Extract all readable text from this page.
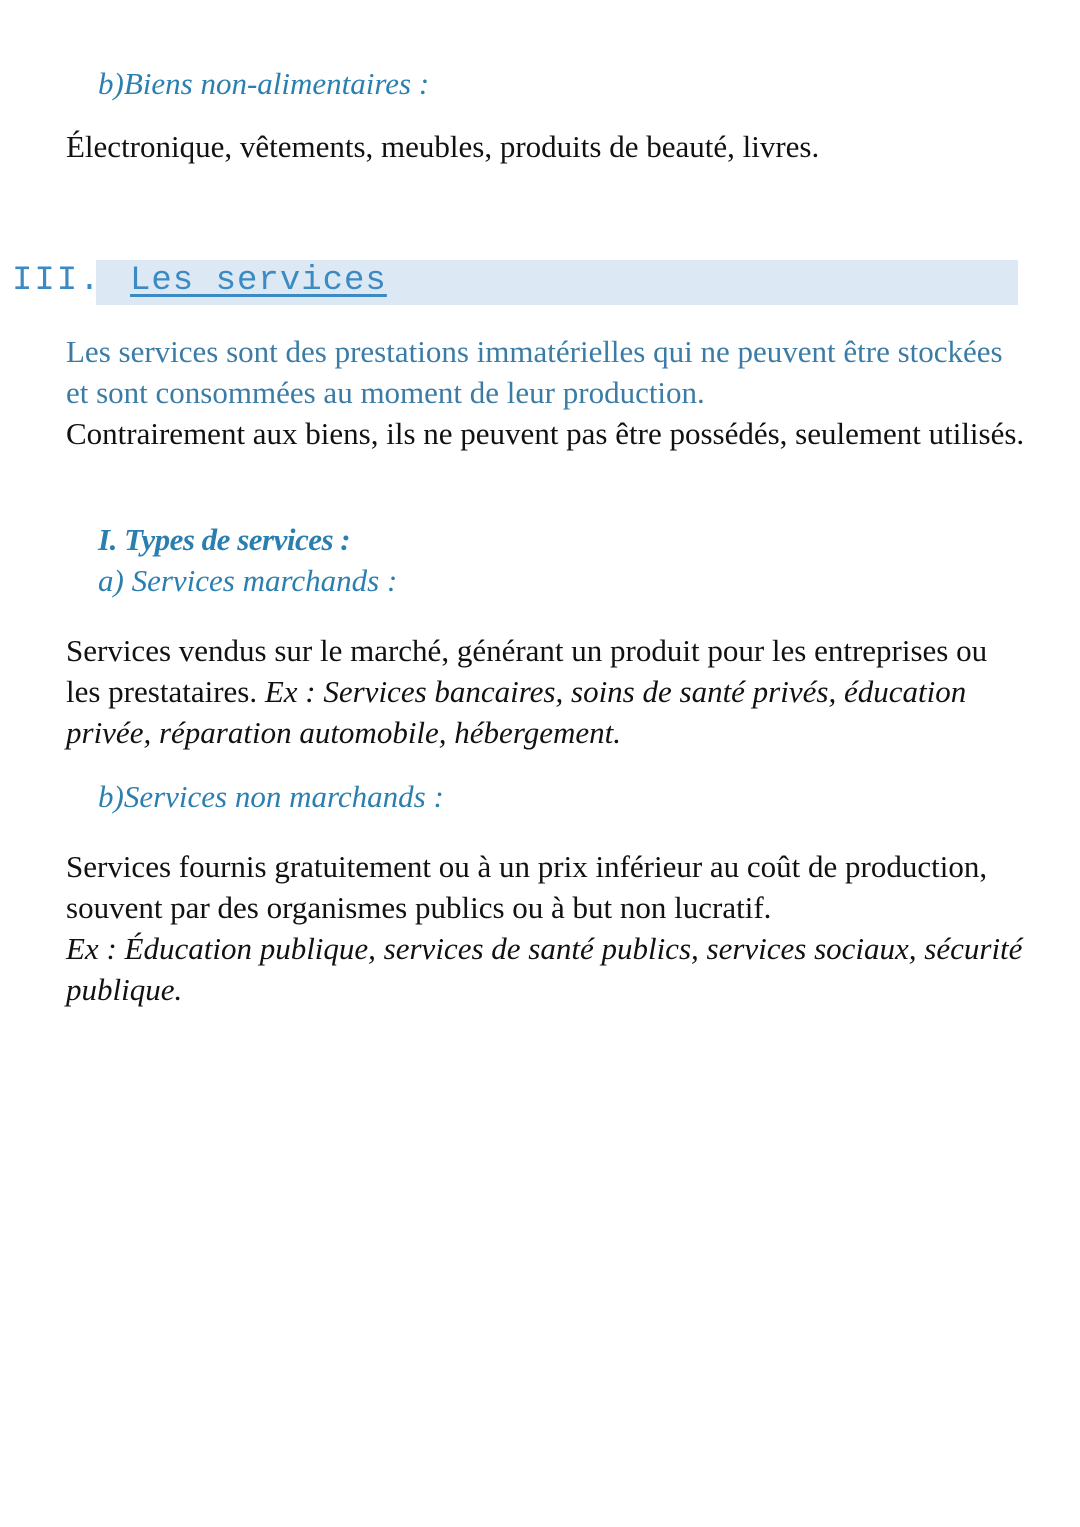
b)Biens non-alimentaires :

Électronique, vêtements, meubles, produits de beauté, livres.

III. Les services

Les services sont des prestations immatérielles qui ne peuvent être stockées et sont consommées au moment de leur production.
Contrairement aux biens, ils ne peuvent pas être possédés, seulement utilisés.

I. Types de services :

a) Services marchands :

Services vendus sur le marché, générant un produit pour les entreprises ou les prestataires. Ex : Services bancaires, soins de santé privés, éducation privée, réparation automobile, hébergement.

b)Services non marchands :

Services fournis gratuitement ou à un prix inférieur au coût de production, souvent par des organismes publics ou à but non lucratif.
Ex : Éducation publique, services de santé publics, services sociaux, sécurité publique.
